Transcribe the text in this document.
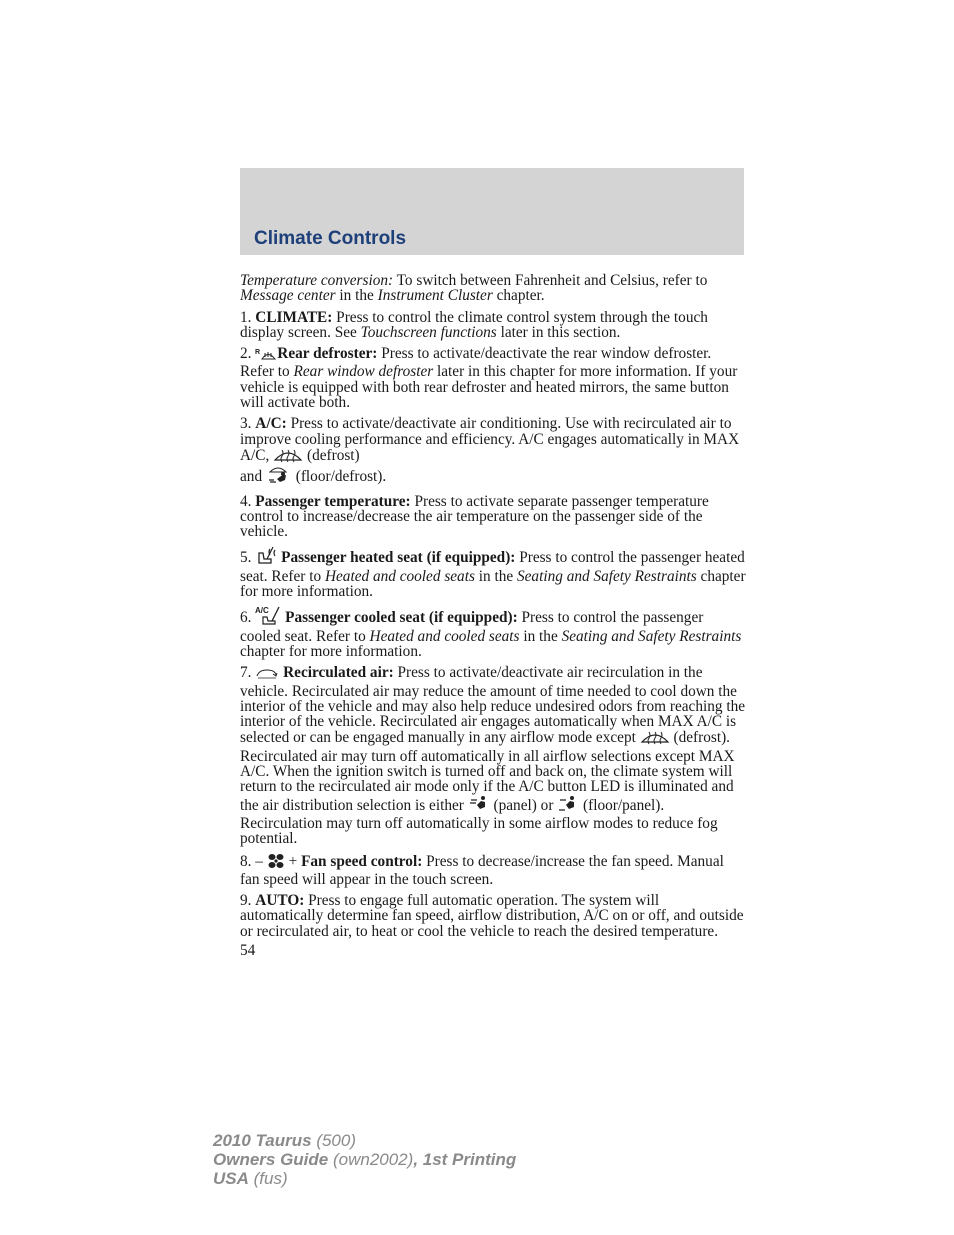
Climate Controls

Temperature conversion: To switch between Fahrenheit and Celsius, refer to Message center in the Instrument Cluster chapter.

1. CLIMATE: Press to control the climate control system through the touch display screen. See Touchscreen functions later in this section.

2. R Rear defroster: Press to activate/deactivate the rear window defroster. Refer to Rear window defroster later in this chapter for more information. If your vehicle is equipped with both rear defroster and heated mirrors, the same button will activate both.

3. A/C: Press to activate/deactivate air conditioning. Use with recirculated air to improve cooling performance and efficiency. A/C engages automatically in MAX A/C,  (defrost)
and  (floor/defrost).

4. Passenger temperature: Press to activate separate passenger temperature control to increase/decrease the air temperature on the passenger side of the vehicle.

5.  Passenger heated seat (if equipped): Press to control the passenger heated seat. Refer to Heated and cooled seats in the Seating and Safety Restraints chapter for more information.

6. A/C Passenger cooled seat (if equipped): Press to control the passenger cooled seat. Refer to Heated and cooled seats in the Seating and Safety Restraints chapter for more information.

7.  Recirculated air: Press to activate/deactivate air recirculation in the vehicle. Recirculated air may reduce the amount of time needed to cool down the interior of the vehicle and may also help reduce undesired odors from reaching the interior of the vehicle. Recirculated air engages automatically when MAX A/C is selected or can be engaged manually in any airflow mode except  (defrost). Recirculated air may turn off automatically in all airflow selections except MAX A/C. When the ignition switch is turned off and back on, the climate system will return to the recirculated air mode only if the A/C button LED is illuminated and the air distribution selection is either  (panel) or  (floor/panel).
Recirculation may turn off automatically in some airflow modes to reduce fog potential.

8. –  + Fan speed control: Press to decrease/increase the fan speed. Manual fan speed will appear in the touch screen.

9. AUTO: Press to engage full automatic operation. The system will automatically determine fan speed, airflow distribution, A/C on or off, and outside or recirculated air, to heat or cool the vehicle to reach the desired temperature.

54
2010 Taurus (500)
Owners Guide (own2002), 1st Printing
USA (fus)
